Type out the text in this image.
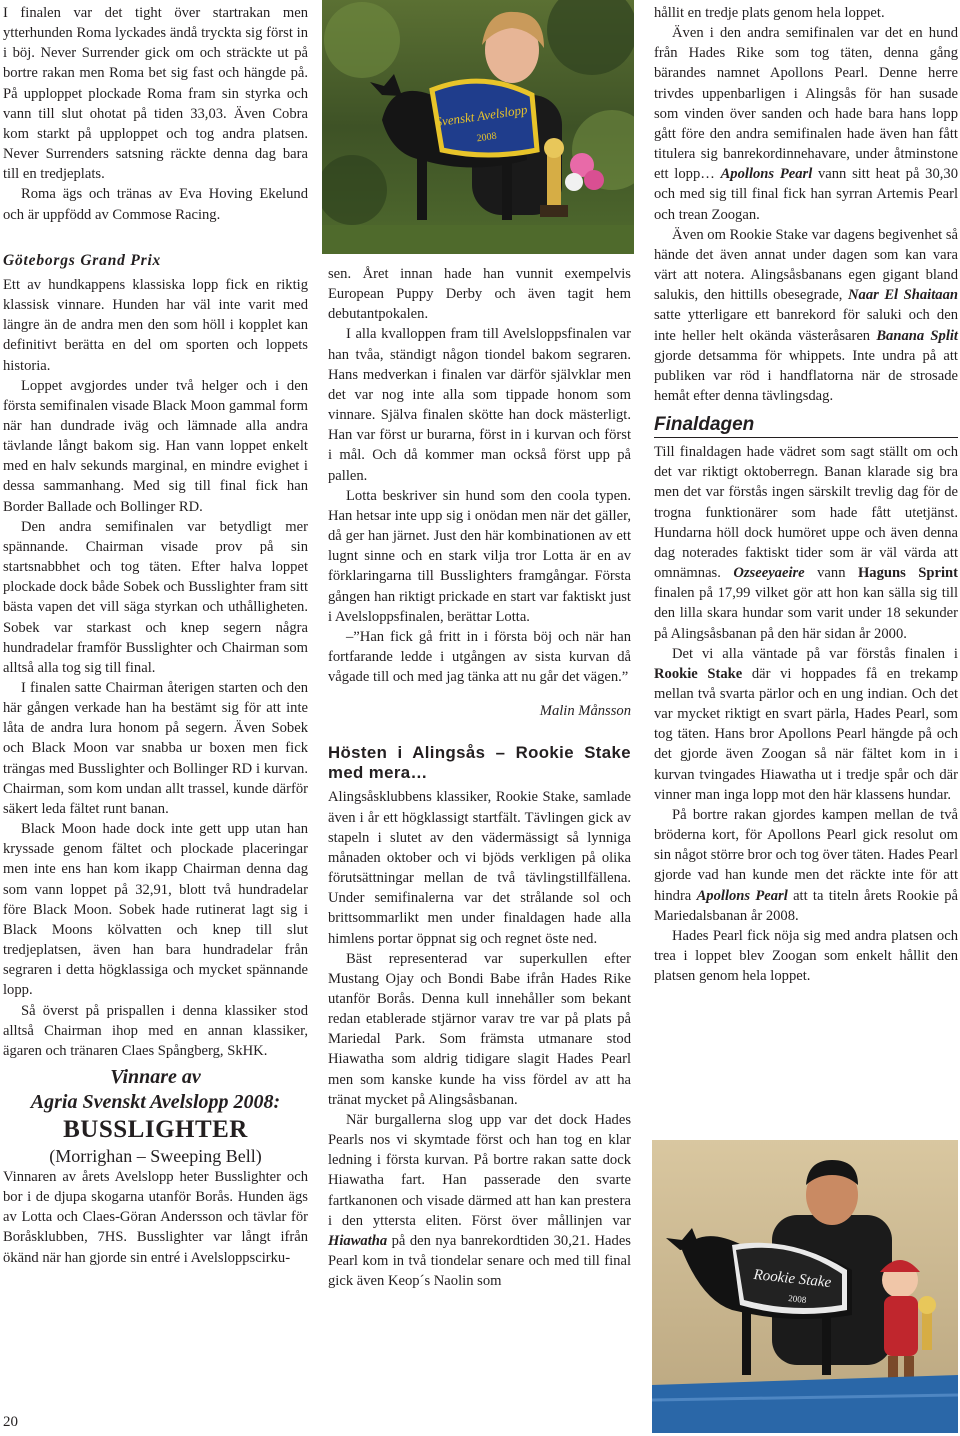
I finalen var det tight över startrakan men ytterhunden Roma lyckades ändå tryckta sig först in i böj. Never Surrender gick om och sträckte ut på bortre rakan men Roma bet sig fast och hängde på. På upploppet plockade Roma fram sin styrka och vann till slut ohotat på tiden 33,03. Även Cobra kom starkt på upploppet och tog andra platsen. Never Surrenders satsning räckte denna dag bara till en tredjeplats.

Roma ägs och tränas av Eva Hoving Ekelund och är uppfödd av Commose Racing.

Göteborgs Grand Prix

Ett av hundkappens klassiska lopp fick en riktig klassisk vinnare. Hunden har väl inte varit med längre än de andra men den som höll i kopplet kan definitivt berätta en del om sporten och loppets historia.

Loppet avgjordes under två helger och i den första semifinalen visade Black Moon gammal form när han dundrade iväg och lämnade alla andra tävlande långt bakom sig. Han vann loppet enkelt med en halv sekunds marginal, en mindre evighet i dessa sammanhang. Med sig till final fick han Border Ballade och Bollinger RD.

Den andra semifinalen var betydligt mer spännande. Chairman visade prov på sin startsnabbhet och tog täten. Efter halva loppet plockade dock både Sobek och Busslighter fram sitt bästa vapen det vill säga styrkan och uthålligheten. Sobek var starkast och knep segern några hundradelar framför Busslighter och Chairman som alltså alla tog sig till final.

I finalen satte Chairman återigen starten och den här gången verkade han ha bestämt sig för att inte låta de andra lura honom på segern. Även Sobek och Black Moon var snabba ur boxen men fick trängas med Busslighter och Bollinger RD i kurvan. Chairman, som kom undan allt trassel, kunde därför säkert leda fältet runt banan.

Black Moon hade dock inte gett upp utan han kryssade genom fältet och plockade placeringar men inte ens han kom ikapp Chairman denna dag som vann loppet på 32,91, blott två hundradelar före Black Moon. Sobek hade rutinerat lagt sig i Black Moons kölvatten och knep till slut tredjeplatsen, även han bara hundradelar från segraren i detta högklassiga och mycket spännande lopp.

Så överst på prispallen i denna klassiker stod alltså Chairman ihop med en annan klassiker, ägaren och tränaren Claes Spångberg, SkHK.

Vinnare av
Agria Svenskt Avelslopp 2008:
BUSSLIGHTER
(Morrighan – Sweeping Bell)

Vinnaren av årets Avelslopp heter Busslighter och bor i de djupa skogarna utanför Borås. Hunden ägs av Lotta och Claes-Göran Andersson och tävlar för Boråsklubben, 7HS. Busslighter var långt ifrån ökänd när han gjorde sin entré i Avelsloppscirku-

20
Svenskt Avelslopp
2008

sen. Året innan hade han vunnit exempelvis European Puppy Derby och även tagit hem debutantpokalen.

I alla kvalloppen fram till Avelsloppsfinalen var han tvåa, ständigt någon tiondel bakom segraren. Hans medverkan i finalen var därför självklar men det var nog inte alla som tippade honom som vinnare. Själva finalen skötte han dock mästerligt. Han var först ur burarna, först in i kurvan och först i mål. Och då kommer man också först upp på pallen.

Lotta beskriver sin hund som den coola typen. Han hetsar inte upp sig i onödan men när det gäller, då ger han järnet. Just den här kombinationen av ett lugnt sinne och en stark vilja tror Lotta är en av förklaringarna till Busslighters framgångar. Första gången han riktigt prickade en start var faktiskt just i Avelsloppsfinalen, berättar Lotta.

–”Han fick gå fritt in i första böj och när han fortfarande ledde i utgången av sista kurvan då vågade till och med jag tänka att nu går det vägen.”

Malin Månsson
Hösten i Alingsås – Rookie Stake med mera…

Alingsåsklubbens klassiker, Rookie Stake, samlade även i år ett högklassigt startfält. Tävlingen gick av stapeln i slutet av den vädermässigt så lynniga månaden oktober och vi bjöds verkligen på olika förutsättningar mellan de två tävlingstillfällena. Under semifinalerna var det strålande sol och brittsommarlikt men under finaldagen hade alla himlens portar öppnat sig och regnet öste ned.

Bäst representerad var superkullen efter Mustang Ojay och Bondi Babe ifrån Hades Rike utanför Borås. Denna kull innehåller som bekant redan etablerade stjärnor varav tre var på plats på Mariedal Park. Som främsta utmanare stod Hiawatha som aldrig tidigare slagit Hades Pearl men som kanske kunde ha viss fördel av att ha tränat mycket på Alingsåsbanan.

När burgallerna slog upp var det dock Hades Pearls nos vi skymtade först och han tog en klar ledning i första kurvan. På bortre rakan satte dock Hiawatha fart. Han passerade den svarte fartkanonen och visade därmed att han kan prestera i den yttersta eliten. Först över mållinjen var Hiawatha på den nya banrekordtiden 30,21. Hades Pearl kom in två tiondelar senare och med till final gick även Keop´s Naolin som

hållit en tredje plats genom hela loppet.

Även i den andra semifinalen var det en hund från Hades Rike som tog täten, denna gång bärandes namnet Apollons Pearl. Denne herre trivdes uppenbarligen i Alingsås för han susade som vinden över sanden och hade bara hans lopp gått före den andra semifinalen hade även han fått titulera sig banrekordinnehavare, under åtminstone ett lopp… Apollons Pearl vann sitt heat på 30,30 och med sig till final fick han syrran Artemis Pearl och trean Zoogan.

Även om Rookie Stake var dagens begivenhet så hände det även annat under dagen som kan vara värt att notera. Alingsåsbanans egen gigant bland salukis, den hittills obesegrade, Naar El Shaitaan satte ytterligare ett banrekord för saluki och den inte heller helt okända västeråsaren Banana Split gjorde detsamma för whippets. Inte undra på att publiken var röd i handflatorna när de strosade hemåt efter denna tävlingsdag.

Finaldagen

Till finaldagen hade vädret som sagt ställt om och det var riktigt oktoberregn. Banan klarade sig bra men det var förstås ingen särskilt trevlig dag för de trogna funktionärer som hade fått utetjänst. Hundarna höll dock humöret uppe och även denna dag noterades faktiskt tider som är väl värda att omnämnas. Ozseeyaeire vann Haguns Sprint finalen på 17,99 vilket gör att hon kan sälla sig till den lilla skara hundar som varit under 18 sekunder på Alingsåsbanan på den här sidan år 2000.

Det vi alla väntade på var förstås finalen i Rookie Stake där vi hoppades få en trekamp mellan två svarta pärlor och en ung indian. Och det var mycket riktigt en svart pärla, Hades Pearl, som tog täten. Hans bror Apollons Pearl hängde på och det gjorde även Zoogan så när fältet kom in i kurvan tvingades Hiawatha ut i tredje spår och där vinner man inga lopp mot den här klassens hundar.

På bortre rakan gjordes kampen mellan de två bröderna kort, för Apollons Pearl gick resolut om sin något större bror och tog över täten. Hades Pearl gjorde vad han kunde men det räckte inte för att hindra Apollons Pearl att ta titeln årets Rookie på Mariedalsbanan år 2008.

Hades Pearl fick nöja sig med andra platsen och trea i loppet blev Zoogan som enkelt hållit den platsen genom hela loppet.

Rookie Stake
2008
